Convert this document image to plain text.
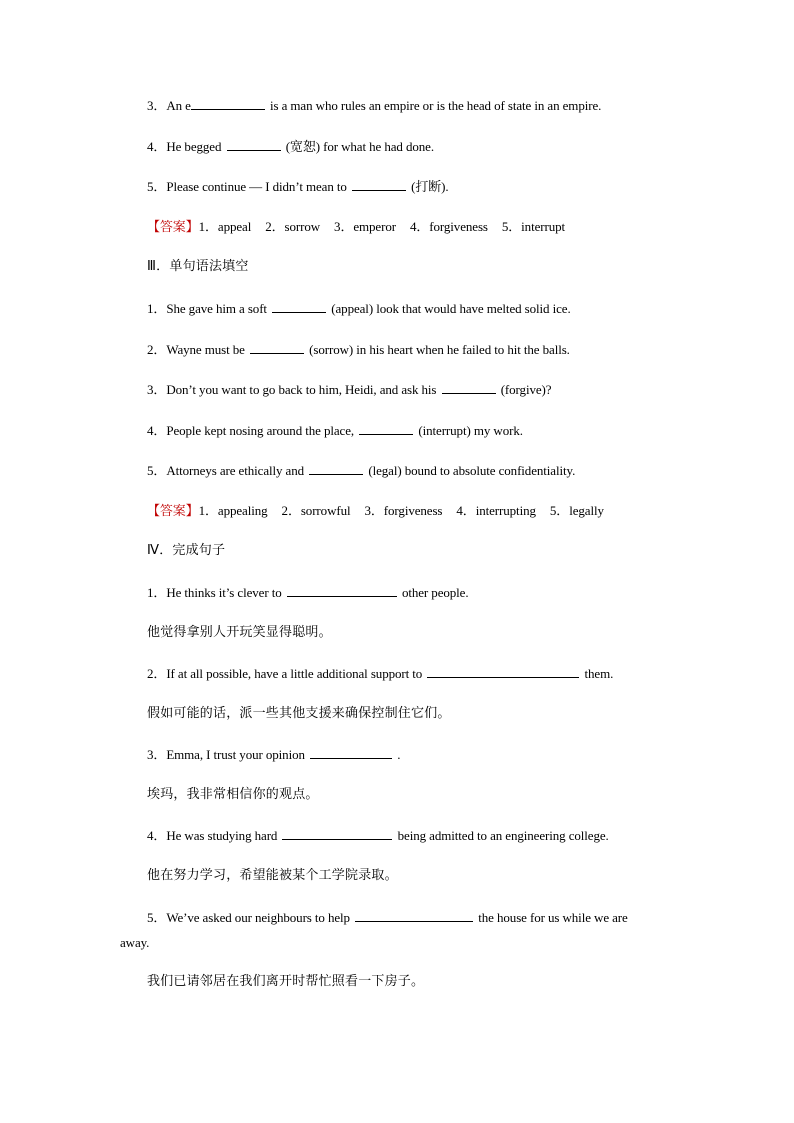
3．An e	is a man who rules an empire or is the head of state in an empire.
4．He begged	(宽恕) for what he had done.
5．Please continue — I didn’t mean to	(打断).
【答案】1．appeal 2．sorrow 3．emperor 4．forgiveness 5．interrupt
Ⅲ．单句语法填空
1．She gave him a soft	(appeal) look that would have melted solid ice.
2．Wayne must be	(sorrow) in his heart when he failed to hit the balls.
3．Don’t you want to go back to him, Heidi, and ask his	(forgive)?
4．People kept nosing around the place,	(interrupt) my work.
5．Attorneys are ethically and	(legal) bound to absolute confidentiality.
【答案】1．appealing 2．sorrowful 3．forgiveness 4．interrupting 5．legally
Ⅳ．完成句子
1．He thinks it’s clever to	other people.
他觉得拿别人开玩笑显得聪明。
2．If at all possible, have a little additional support to	them.
假如可能的话，派一些其他支援来确保控制住它们。
3．Emma, I trust your opinion	.
埃玛，我非常相信你的观点。
4．He was studying hard	being admitted to an engineering college.
他在努力学习，希望能被某个工学院录取。
5．We’ve asked our neighbours to help	the house for us while we are
away.
我们已请邻居在我们离开时帮忙照看一下房子。
